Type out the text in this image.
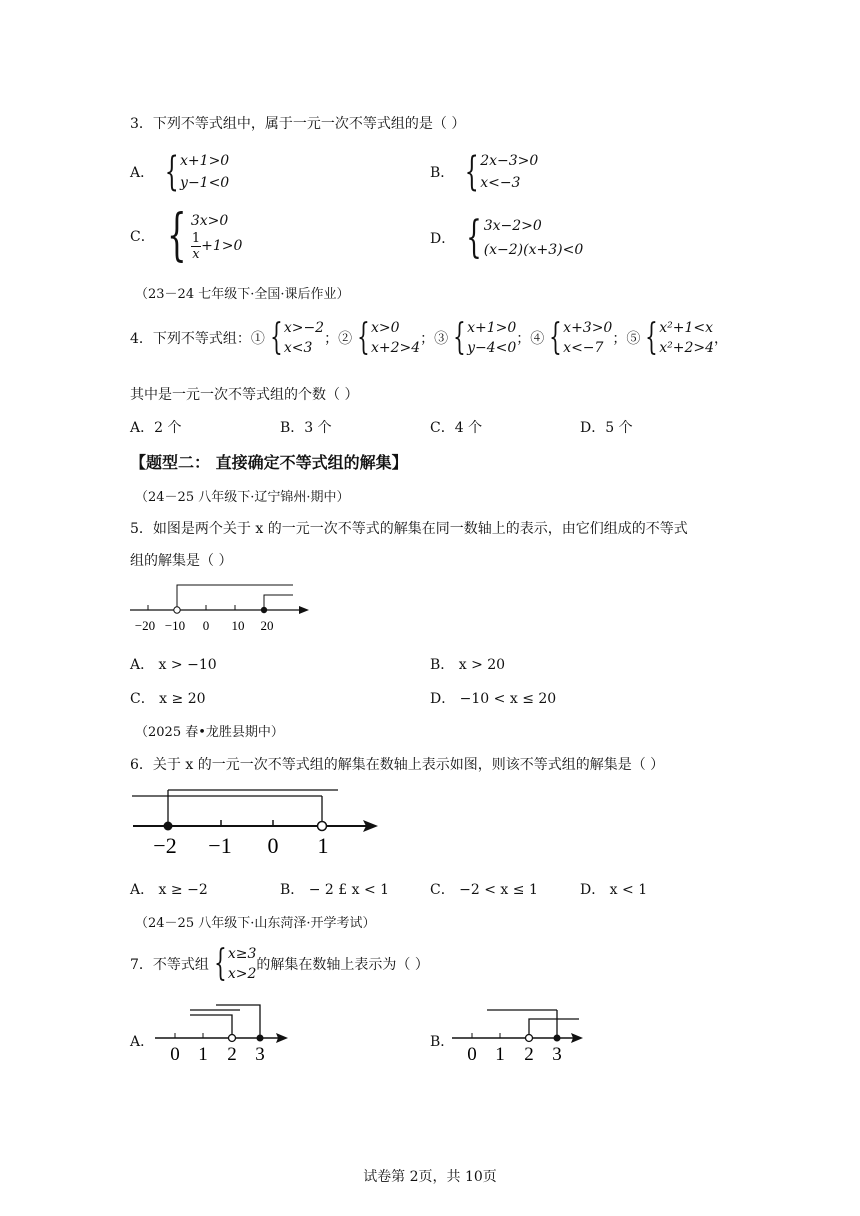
3．下列不等式组中，属于一元一次不等式组的是（ ）
A． { x+1>0
y−1<0
B． { 2x−3>0
x<−3
C． { 3x>0
$\frac{1}{x} +1>0$	D． { 3x−2>0
(x−2)(x+3)<0
（23－24 七年级下·全国·课后作业）
4．下列不等式组：① { x>−2
x<3
；② { x>0
x+2>4
；③ { x+1>0
y−4<0
；④ { x+3>0
x<−7
；⑤ { x²+1<x
x²+2>4
，
其中是一元一次不等式组的个数（ ）
A．2 个	B．3 个	C．4 个	D．5 个
【题型二： 直接确定不等式组的解集】
（24－25 八年级下·辽宁锦州·期中）
5．如图是两个关于 x 的一元一次不等式的解集在同一数轴上的表示，由它们组成的不等式
组的解集是（ ）
−20 −10 0 10 20
A． x > −10	B． x > 20
C． x ≥ 20	D． −10 < x ≤ 20
（2025 春•龙胜县期中）
6．关于 x 的一元一次不等式组的解集在数轴上表示如图，则该不等式组的解集是（ ）
−2 −1 0 1
A． x ≥ −2	B． − 2 £ x < 1	C． −2 < x ≤ 1	D． x < 1
（24－25 八年级下·山东菏泽·开学考试）
7．不等式组 { x≥3
x>2
的解集在数轴上表示为（ ）
A．
0 1 2 3
B．
0 1 2 3
试卷第 2页，共 10页
